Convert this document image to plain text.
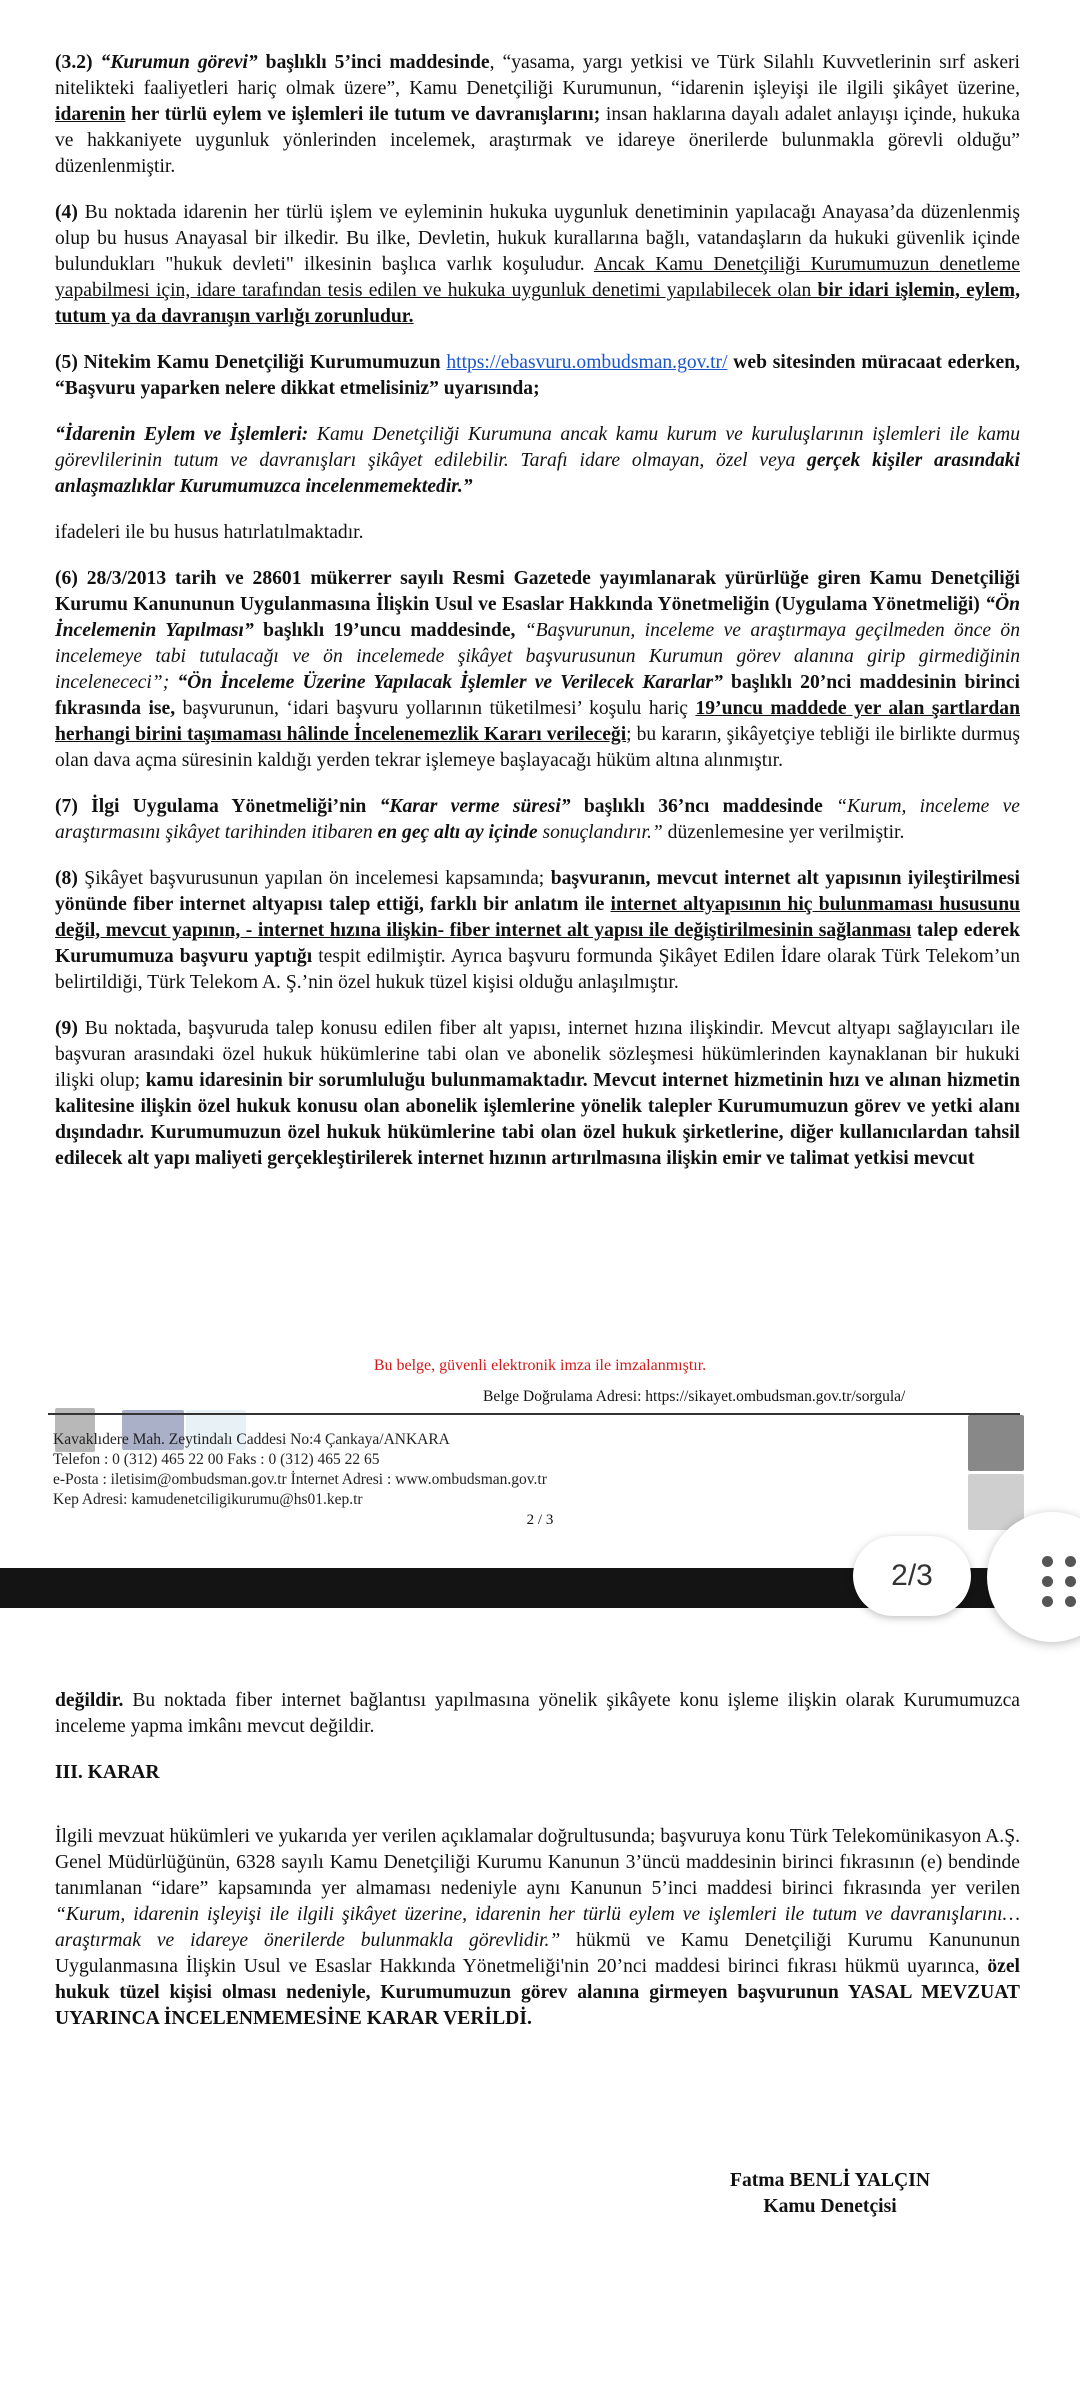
(3.2) “Kurumun görevi” başlıklı 5’inci maddesinde, “yasama, yargı yetkisi ve Türk Silahlı Kuvvetlerinin sırf askeri nitelikteki faaliyetleri hariç olmak üzere”, Kamu Denetçiliği Kurumunun, “idarenin işleyişi ile ilgili şikâyet üzerine, idarenin her türlü eylem ve işlemleri ile tutum ve davranışlarını; insan haklarına dayalı adalet anlayışı içinde, hukuka ve hakkaniyete uygunluk yönlerinden incelemek, araştırmak ve idareye önerilerde bulunmakla görevli olduğu” düzenlenmiştir.

(4) Bu noktada idarenin her türlü işlem ve eyleminin hukuka uygunluk denetiminin yapılacağı Anayasa’da düzenlenmiş olup bu husus Anayasal bir ilkedir. Bu ilke, Devletin, hukuk kurallarına bağlı, vatandaşların da hukuki güvenlik içinde bulundukları "hukuk devleti" ilkesinin başlıca varlık koşuludur. Ancak Kamu Denetçiliği Kurumumuzun denetleme yapabilmesi için, idare tarafından tesis edilen ve hukuka uygunluk denetimi yapılabilecek olan bir idari işlemin, eylem, tutum ya da davranışın varlığı zorunludur.

(5) Nitekim Kamu Denetçiliği Kurumumuzun https://ebasvuru.ombudsman.gov.tr/ web sitesinden müracaat ederken, “Başvuru yaparken nelere dikkat etmelisiniz” uyarısında;

“İdarenin Eylem ve İşlemleri: Kamu Denetçiliği Kurumuna ancak kamu kurum ve kuruluşlarının işlemleri ile kamu görevlilerinin tutum ve davranışları şikâyet edilebilir. Tarafı idare olmayan, özel veya gerçek kişiler arasındaki anlaşmazlıklar Kurumumuzca incelenmemektedir.”

ifadeleri ile bu husus hatırlatılmaktadır.

(6) 28/3/2013 tarih ve 28601 mükerrer sayılı Resmi Gazetede yayımlanarak yürürlüğe giren Kamu Denetçiliği Kurumu Kanununun Uygulanmasına İlişkin Usul ve Esaslar Hakkında Yönetmeliğin (Uygulama Yönetmeliği) “Ön İncelemenin Yapılması” başlıklı 19’uncu maddesinde, “Başvurunun, inceleme ve araştırmaya geçilmeden önce ön incelemeye tabi tutulacağı ve ön incelemede şikâyet başvurusunun Kurumun görev alanına girip girmediğinin incelenececi”; “Ön İnceleme Üzerine Yapılacak İşlemler ve Verilecek Kararlar” başlıklı 20’nci maddesinin birinci fıkrasında ise, başvurunun, ‘idari başvuru yollarının tüketilmesi’ koşulu hariç 19’uncu maddede yer alan şartlardan herhangi birini taşımaması hâlinde İncelenemezlik Kararı verileceği; bu kararın, şikâyetçiye tebliği ile birlikte durmuş olan dava açma süresinin kaldığı yerden tekrar işlemeye başlayacağı hüküm altına alınmıştır.

(7) İlgi Uygulama Yönetmeliği’nin “Karar verme süresi” başlıklı 36’ncı maddesinde “Kurum, inceleme ve araştırmasını şikâyet tarihinden itibaren en geç altı ay içinde sonuçlandırır.” düzenlemesine yer verilmiştir.

(8) Şikâyet başvurusunun yapılan ön incelemesi kapsamında; başvuranın, mevcut internet alt yapısının iyileştirilmesi yönünde fiber internet altyapısı talep ettiği, farklı bir anlatım ile internet altyapısının hiç bulunmaması hususunu değil, mevcut yapının, - internet hızına ilişkin- fiber internet alt yapısı ile değiştirilmesinin sağlanması talep ederek Kurumumuza başvuru yaptığı tespit edilmiştir. Ayrıca başvuru formunda Şikâyet Edilen İdare olarak Türk Telekom’un belirtildiği, Türk Telekom A. Ş.’nin özel hukuk tüzel kişisi olduğu anlaşılmıştır.

(9) Bu noktada, başvuruda talep konusu edilen fiber alt yapısı, internet hızına ilişkindir. Mevcut altyapı sağlayıcıları ile başvuran arasındaki özel hukuk hükümlerine tabi olan ve abonelik sözleşmesi hükümlerinden kaynaklanan bir hukuki ilişki olup; kamu idaresinin bir sorumluluğu bulunmamaktadır. Mevcut internet hizmetinin hızı ve alınan hizmetin kalitesine ilişkin özel hukuk konusu olan abonelik işlemlerine yönelik talepler Kurumumuzun görev ve yetki alanı dışındadır. Kurumumuzun özel hukuk hükümlerine tabi olan özel hukuk şirketlerine, diğer kullanıcılardan tahsil edilecek alt yapı maliyeti gerçekleştirilerek internet hızının artırılmasına ilişkin emir ve talimat yetkisi mevcut

Bu belge, güvenli elektronik imza ile imzalanmıştır.
Belge Doğrulama Adresi: https://sikayet.ombudsman.gov.tr/sorgula/
Kavaklıdere Mah. Zeytindalı Caddesi No:4 Çankaya/ANKARA
Telefon : 0 (312) 465 22 00 Faks : 0 (312) 465 22 65
e-Posta : iletisim@ombudsman.gov.tr İnternet Adresi : www.ombudsman.gov.tr
Kep Adresi: kamudenetciligikurumu@hs01.kep.tr
2 / 3
2/3

değildir. Bu noktada fiber internet bağlantısı yapılmasına yönelik şikâyete konu işleme ilişkin olarak Kurumumuzca inceleme yapma imkânı mevcut değildir.

III. KARAR

İlgili mevzuat hükümleri ve yukarıda yer verilen açıklamalar doğrultusunda; başvuruya konu Türk Telekomünikasyon A.Ş. Genel Müdürlüğünün, 6328 sayılı Kamu Denetçiliği Kurumu Kanunun 3’üncü maddesinin birinci fıkrasının (e) bendinde tanımlanan “idare” kapsamında yer almaması nedeniyle aynı Kanunun 5’inci maddesi birinci fıkrasında yer verilen “Kurum, idarenin işleyişi ile ilgili şikâyet üzerine, idarenin her türlü eylem ve işlemleri ile tutum ve davranışlarını… araştırmak ve idareye önerilerde bulunmakla görevlidir.” hükmü ve Kamu Denetçiliği Kurumu Kanununun Uygulanmasına İlişkin Usul ve Esaslar Hakkında Yönetmeliği'nin 20’nci maddesi birinci fıkrası hükmü uyarınca, özel hukuk tüzel kişisi olması nedeniyle, Kurumumuzun görev alanına girmeyen başvurunun YASAL MEVZUAT UYARINCA İNCELENMEMESİNE KARAR VERİLDİ.

Fatma BENLİ YALÇIN
Kamu Denetçisi
